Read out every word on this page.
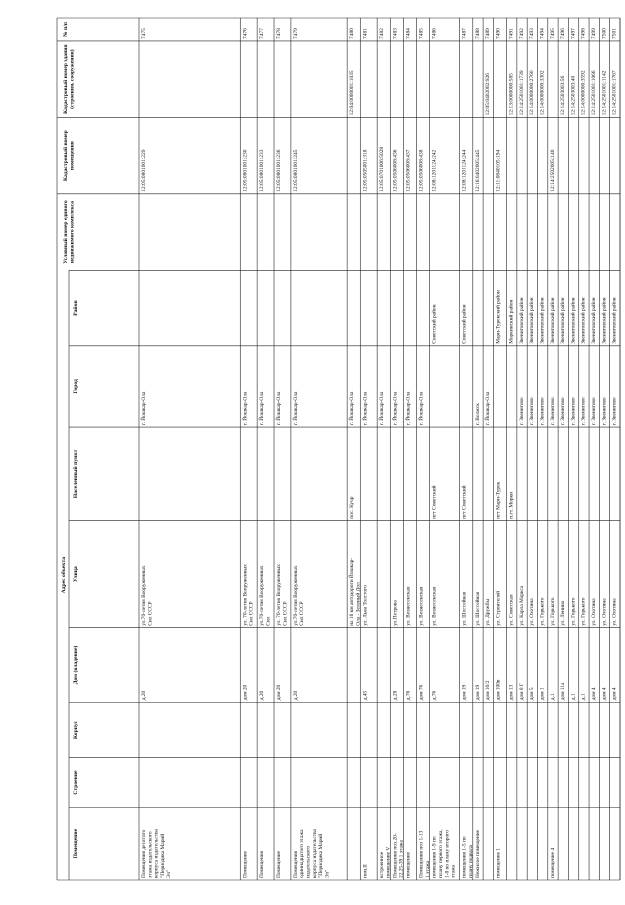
Адрес объекта
Помещение
Строение
Корпус
Дом (владение)
Улица
Населенный пункт
Город
Район
Условный номер единого недвижимого комплекса
Кадастровый номер помещения
Кадастровый номер здания (строения, сооружения)
№ п/п	7475
12:05:0801001:229
г. Йошкар-Ола
ул.70-летия Вооруженных Сил СССР
д.20
Помещения десятого этажа издательского корпуса издательства "Периодика Марий Эл"
7476
12:05:0801001:230
г. Йошкар-Ола
ул. 70-летия Вооруженных Сил СССР
дом 20
Помещение
7477
12:05:0801001:233
г. Йошкар-Ола
ул.70-летия Вооруженных Сил
д.20
Помещения
7478
12:05:0801001:236
г. Йошкар-Ола
ул. 70-летия Вооруженных Сил СССР
дом 20
Помещение
7479
12:05:0801001:245
г. Йошкар-Ола
ул.70-летия Вооруженных Сил СССР
д.20
Помещения одиннадцатого этажа издательского корпуса издательства "Периодика Марий Эл"
7480
12:04:0000001:1035
г. Йошкар-Ола
пос. Кучр
на 16 км автодороги Йошкар- Ола - Зеленый Дол
7481
12:05:0505001:318
г. Йошкар-Ола
ул. Льва Толстого
д.45
пом.II
7482
12:05:0701006:5028
г. Йошкар-Ола
встроенное помещение V
7483
12:05:0506008:436
г. Йошкар-Ола
ул.Петрова
д.28
Помещения поз.20- 22,25-39 1 этажа
7484
12:05:0506008:437
г. Йошкар-Ола
ул. Вознесенская
д.76
помещение
7485
12:05:0506008:438
г. Йошкар-Ола
ул. Вознесенская
дом 76
Помещения поз 1-13 1 этажа
7486
12:08:1201124:242
Советский район
пгт Советский
ул. Вознесенская
д.76
помещения 1-9 по плану первого этажа, 1-8 по плану второго этажа
7487
12:08:1201124:244
Советский район
пгт Советский
ул. Шоссейная
дом 19
помещения 1-5 по плану подвала
7488
12:16:0402005:445
г. Волжск
ул. Шоссейная
дом 19
Нежилое помещение
7489
12:05:0402002:926
г. Йошкар-Ола
ул. Дружбы
дом 16/2
7490
12:11:0840105:194
Мари-Турекский район
пгт Мари-Турек
ул. Строителей
дом 100в
помещение 1
7491
12:13:0000000:585
Моркинский район
п.гт. Морки
ул. Советская
дом 13
7492
12:14:2501001:1739
Звениговский район
г. Звенигово
ул. Карла Маркса
дом 8 Г
7493
12:14:0000000:2760
Звениговский район
г. Звенигово
ул. Охотина
дом 5
7494
12:14:0000000:3302
Звениговский район
г. Звенигово
ул. Горького
дом 1
7495
12:14:2502005:140
Звениговский район
г. Звенигово
ул. Горького
д.1
помещение 4
7496
12:14:2503003:56
Звениговский район
г. Звенигово
ул. Ленина
дом 11а
7497
12:14:2503003:40
Звениговский район
г. Звенигово
ул. Горького
д.1
7498
12:14:0000000:3592
Звениговский район
г. Звенигово
ул. Горького
д.1
7499
12:14:2501001:1066
Звениговский район
г. Звенигово
ул. Охотина
дом 4
7500
12:14:2501001:1142
Звениговский район
г. Звенигово
ул. Охотина
дом 4
7501
12:14:2501001:1767
Звениговский район
г. Звенигово
ул. Охотина
дом 4
